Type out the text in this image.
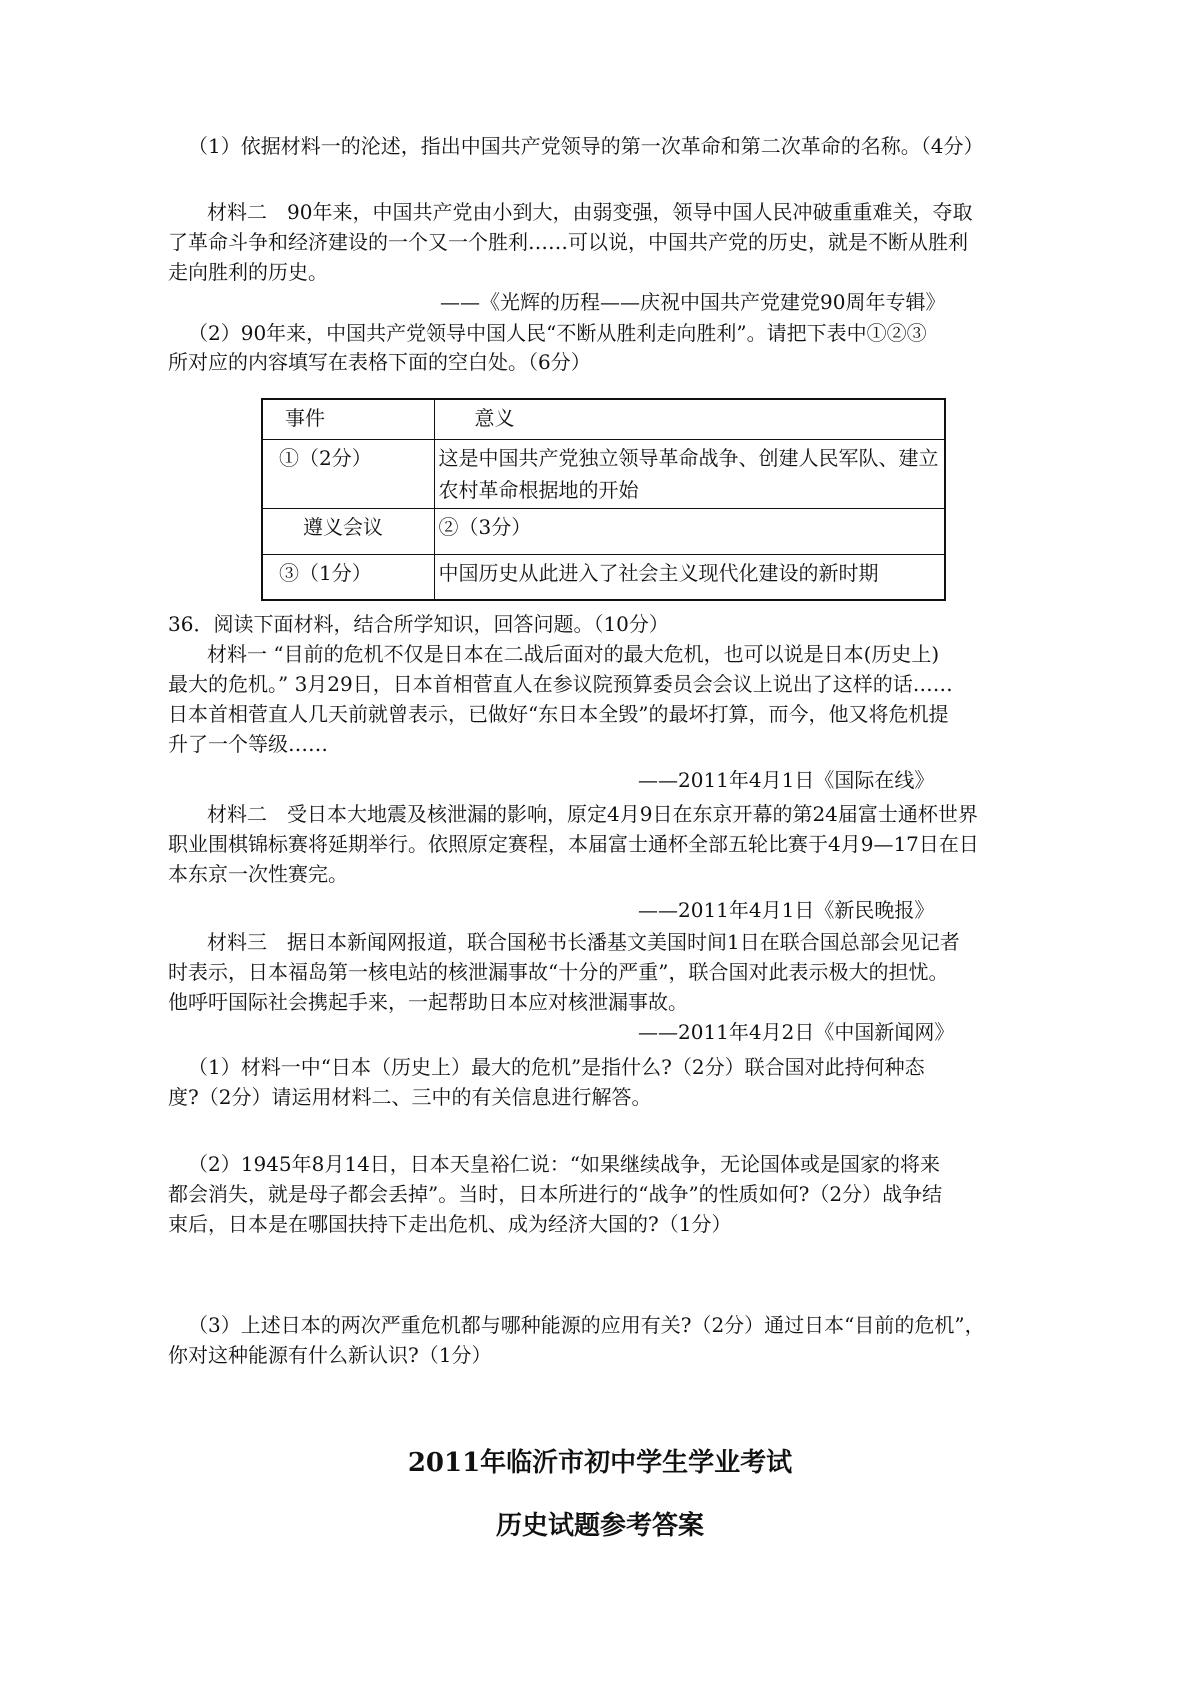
（1）依据材料一的沦述，指出中国共产党领导的第一次革命和第二次革命的名称。（4分）
材料二　90年来，中国共产党由小到大，由弱变强，领导中国人民冲破重重难关，夺取
了革命斗争和经济建设的一个又一个胜利……可以说，中国共产党的历史，就是不断从胜利
走向胜利的历史。
——《光辉的历程——庆祝中国共产党建党90周年专辑》
（2）90年来，中国共产党领导中国人民“不断从胜利走向胜利”。请把下表中①②③
所对应的内容填写在表格下面的空白处。（6分）
事件	意义
①（2分）	这是中国共产党独立领导革命战争、创建人民军队、建立农村革命根据地的开始
遵义会议	②（3分）
③（1分）	中国历史从此进入了社会主义现代化建设的新时期
36．阅读下面材料，结合所学知识，回答问题。（10分）
材料一 “目前的危机不仅是日本在二战后面对的最大危机，也可以说是日本(历史上)
最大的危机。” 3月29日，日本首相菅直人在参议院预算委员会会议上说出了这样的话……
日本首相菅直人几天前就曾表示，已做好“东日本全毁”的最坏打算，而今，他又将危机提
升了一个等级……
——2011年4月1日《国际在线》
材料二　受日本大地震及核泄漏的影响，原定4月9日在东京开幕的第24届富士通杯世界
职业围棋锦标赛将延期举行。依照原定赛程，本届富士通杯全部五轮比赛于4月9—17日在日
本东京一次性赛完。
——2011年4月1日《新民晚报》
材料三　据日本新闻网报道，联合国秘书长潘基文美国时间1日在联合国总部会见记者
时表示，日本福岛第一核电站的核泄漏事故“十分的严重”，联合国对此表示极大的担忧。
他呼吁国际社会携起手来，一起帮助日本应对核泄漏事故。
——2011年4月2日《中国新闻网》
（1）材料一中“日本（历史上）最大的危机”是指什么?（2分）联合国对此持何种态
度?（2分）请运用材料二、三中的有关信息进行解答。
（2）1945年8月14日，日本天皇裕仁说：“如果继续战争，无论国体或是国家的将来
都会消失，就是母子都会丢掉”。当时，日本所进行的“战争”的性质如何?（2分）战争结
束后，日本是在哪国扶持下走出危机、成为经济大国的?（1分）
（3）上述日本的两次严重危机都与哪种能源的应用有关?（2分）通过日本“目前的危机”，
你对这种能源有什么新认识?（1分）
2011年临沂市初中学生学业考试
历史试题参考答案
